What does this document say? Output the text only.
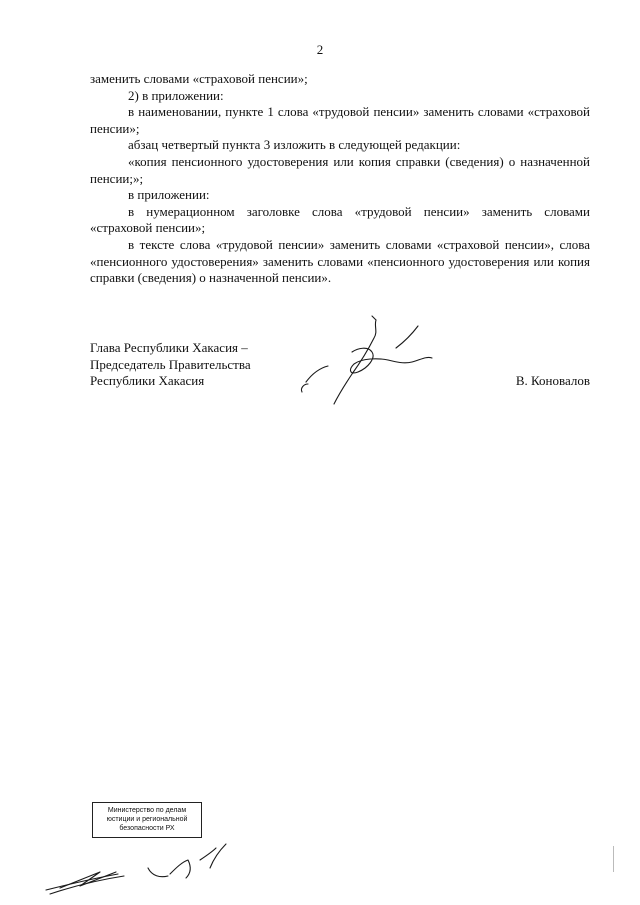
2

заменить словами «страховой пенсии»;

2) в приложении:

в наименовании, пункте 1 слова «трудовой пенсии» заменить словами «страховой пенсии»;

абзац четвертый пункта 3 изложить в следующей редакции:

«копия пенсионного удостоверения или копия справки (сведения) о назначенной пенсии;»;

в приложении:

в нумерационном заголовке слова «трудовой пенсии» заменить словами «страховой пенсии»;

в тексте слова «трудовой пенсии» заменить словами «страховой пенсии», слова «пенсионного удостоверения» заменить словами «пенсионного удостоверения или копия справки (сведения) о назначенной пенсии».

Глава Республики Хакасия –
Председатель Правительства
Республики Хакасия	В. Коновалов
Министерство по делам
юстиции и региональной
безопасности РХ
